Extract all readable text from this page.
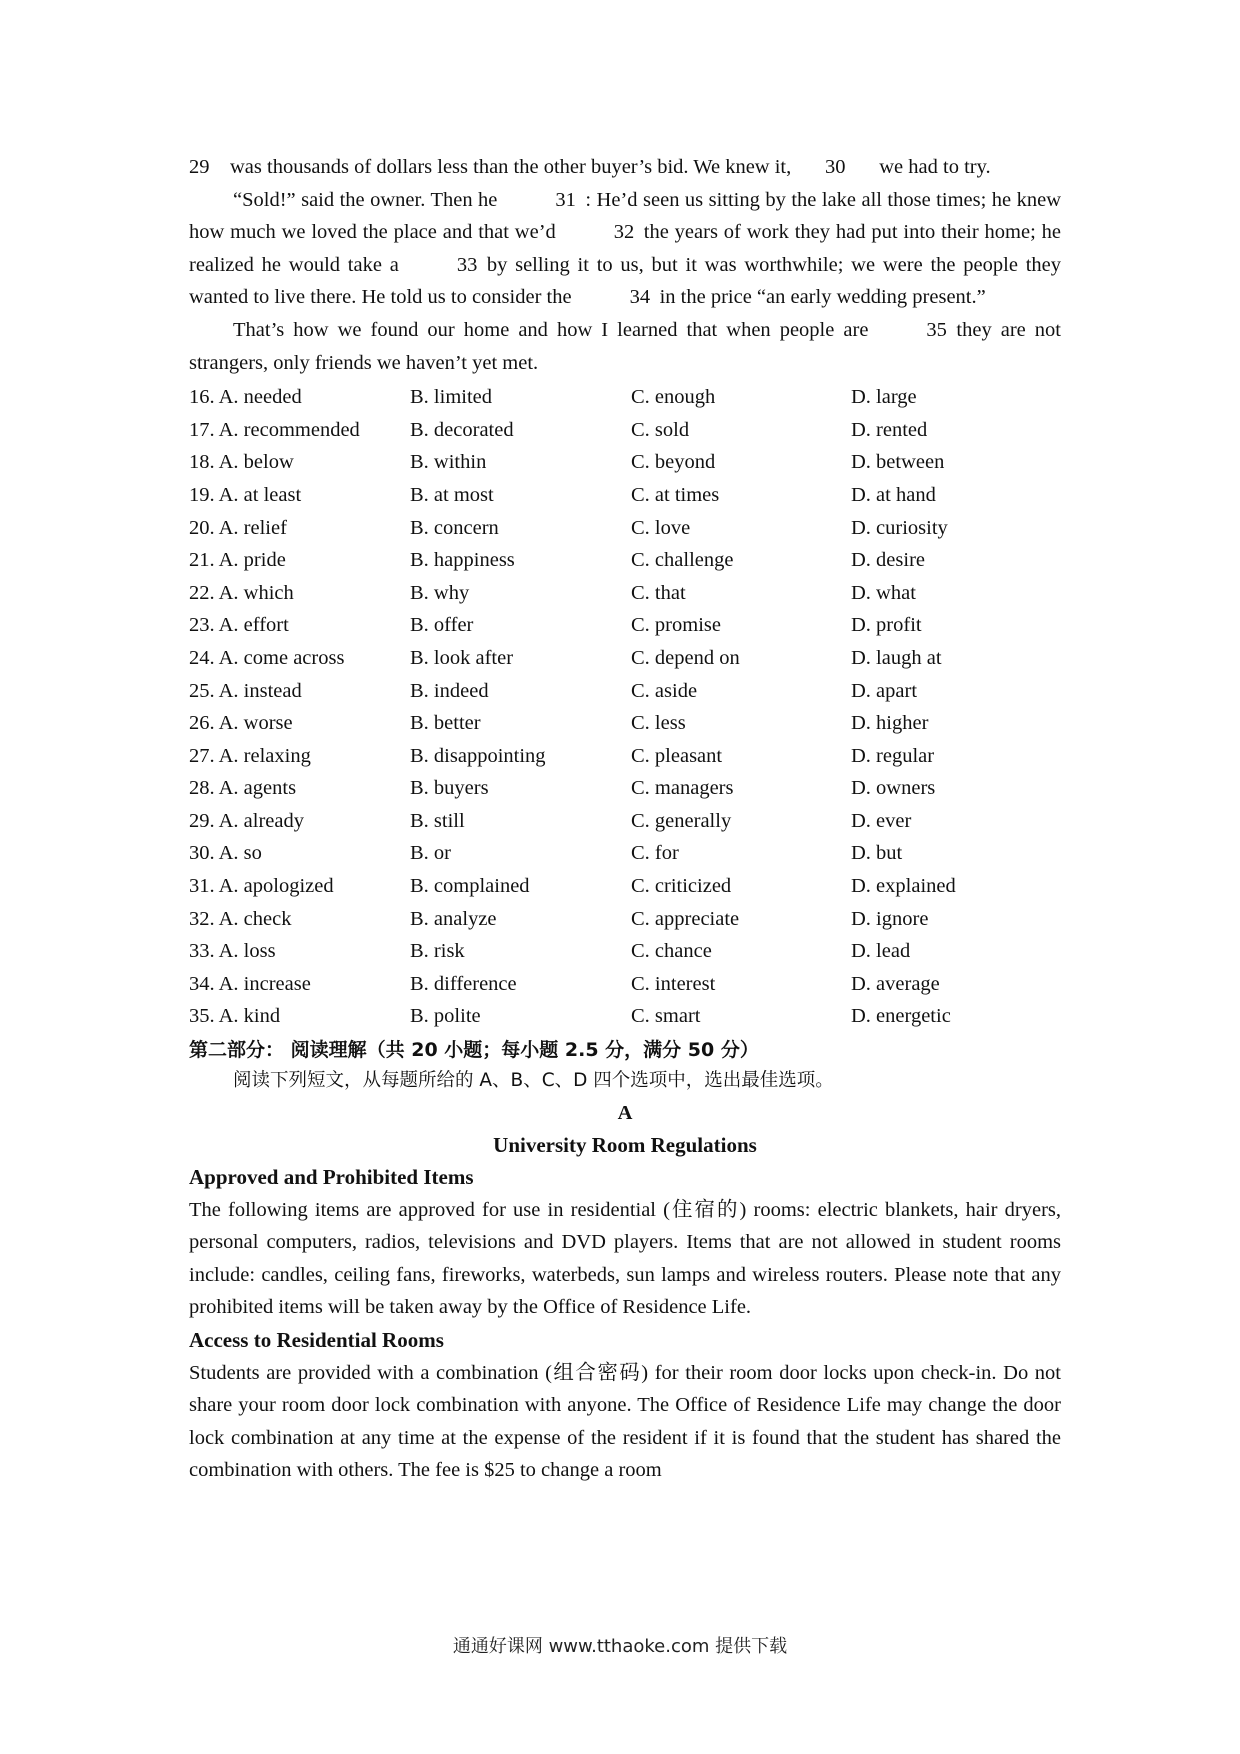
29 was thousands of dollars less than the other buyer’s bid. We knew it, 30 we had to try.

“Sold!” said the owner. Then he	31 : He’d seen us sitting by the lake all those times; he knew how much we loved the place and that we’d	32 the years of work they had put into their home; he realized he would take a	33 by selling it to us, but it was worthwhile; we were the people they wanted to live there. He told us to consider the	34 in the price “an early wedding present.”

That’s how we found our home and how I learned that when people are	35 they are not strangers, only friends we haven’t yet met.

16. A. needed	B. limited	C. enough	D. large
17. A. recommended	B. decorated	C. sold	D. rented
18. A. below	B. within	C. beyond	D. between
19. A. at least	B. at most	C. at times	D. at hand
20. A. relief	B. concern	C. love	D. curiosity
21. A. pride	B. happiness	C. challenge	D. desire
22. A. which	B. why	C. that	D. what
23. A. effort	B. offer	C. promise	D. profit
24. A. come across	B. look after	C. depend on	D. laugh at
25. A. instead	B. indeed	C. aside	D. apart
26. A. worse	B. better	C. less	D. higher
27. A. relaxing	B. disappointing	C. pleasant	D. regular
28. A. agents	B. buyers	C. managers	D. owners
29. A. already	B. still	C. generally	D. ever
30. A. so	B. or	C. for	D. but
31. A. apologized	B. complained	C. criticized	D. explained
32. A. check	B. analyze	C. appreciate	D. ignore
33. A. loss	B. risk	C. chance	D. lead
34. A. increase	B. difference	C. interest	D. average
35. A. kind	B. polite	C. smart	D. energetic
第二部分： 阅读理解（共 20 小题；每小题 2.5 分，满分 50 分）
阅读下列短文，从每题所给的 A、B、C、D 四个选项中，选出最佳选项。
A
University Room Regulations
Approved and Prohibited Items

The following items are approved for use in residential (住宿的) rooms: electric blankets, hair dryers, personal computers, radios, televisions and DVD players. Items that are not allowed in student rooms include: candles, ceiling fans, fireworks, waterbeds, sun lamps and wireless routers. Please note that any prohibited items will be taken away by the Office of Residence Life.

Access to Residential Rooms

Students are provided with a combination (组合密码) for their room door locks upon check-in. Do not share your room door lock combination with anyone. The Office of Residence Life may change the door lock combination at any time at the expense of the resident if it is found that the student has shared the combination with others. The fee is $25 to change a room

通通好课网 www.tthaoke.com 提供下载
